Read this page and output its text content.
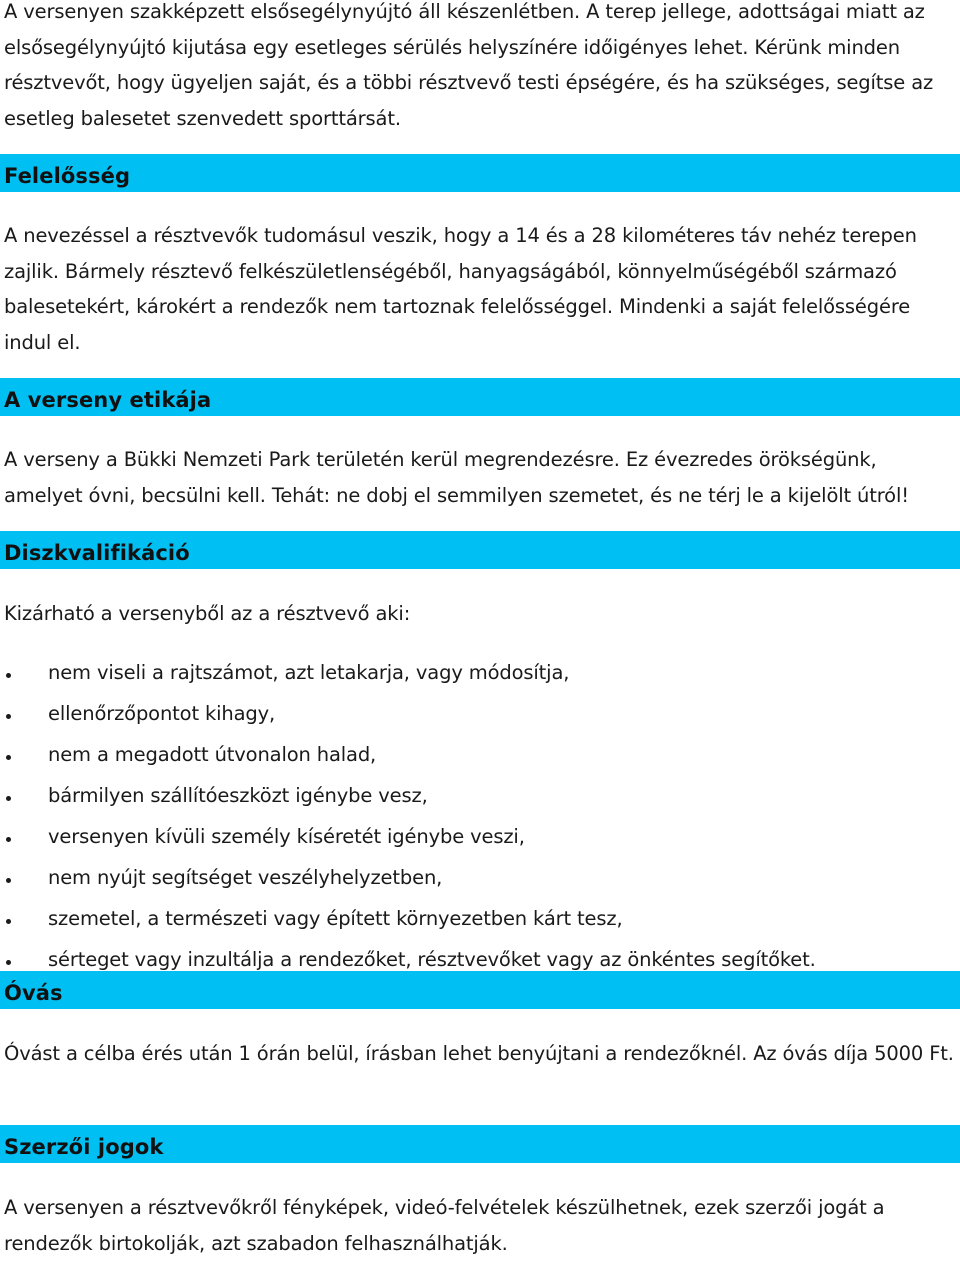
A versenyen szakképzett elsősegélynyújtó áll készenlétben. A terep jellege, adottságai miatt az elsősegélynyújtó kijutása egy esetleges sérülés helyszínére időigényes lehet. Kérünk minden résztvevőt, hogy ügyeljen saját, és a többi résztvevő testi épségére, és ha szükséges, segítse az esetleg balesetet szenvedett sporttársát.

Felelősség

A nevezéssel a résztvevők tudomásul veszik, hogy a 14 és a 28 kilométeres táv nehéz terepen zajlik. Bármely résztevő felkészületlenségéből, hanyagságából, könnyelműségéből származó balesetekért, károkért a rendezők nem tartoznak felelősséggel. Mindenki a saját felelősségére indul el.

A verseny etikája

A verseny a Bükki Nemzeti Park területén kerül megrendezésre. Ez évezredes örökségünk, amelyet óvni, becsülni kell. Tehát: ne dobj el semmilyen szemetet, és ne térj le a kijelölt útról!

Diszkvalifikáció

Kizárható a versenyből az a résztvevő aki:

nem viseli a rajtszámot, azt letakarja, vagy módosítja,
ellenőrzőpontot kihagy,
nem a megadott útvonalon halad,
bármilyen szállítóeszközt igénybe vesz,
versenyen kívüli személy kíséretét igénybe veszi,
nem nyújt segítséget veszélyhelyzetben,
szemetel, a természeti vagy épített környezetben kárt tesz,
sérteget vagy inzultálja a rendezőket, résztvevőket vagy az önkéntes segítőket.
Óvás

Óvást a célba érés után 1 órán belül, írásban lehet benyújtani a rendezőknél. Az óvás díja 5000 Ft.

Szerzői jogok

A versenyen a résztvevőkről fényképek, videó-felvételek készülhetnek, ezek szerzői jogát a rendezők birtokolják, azt szabadon felhasználhatják.
